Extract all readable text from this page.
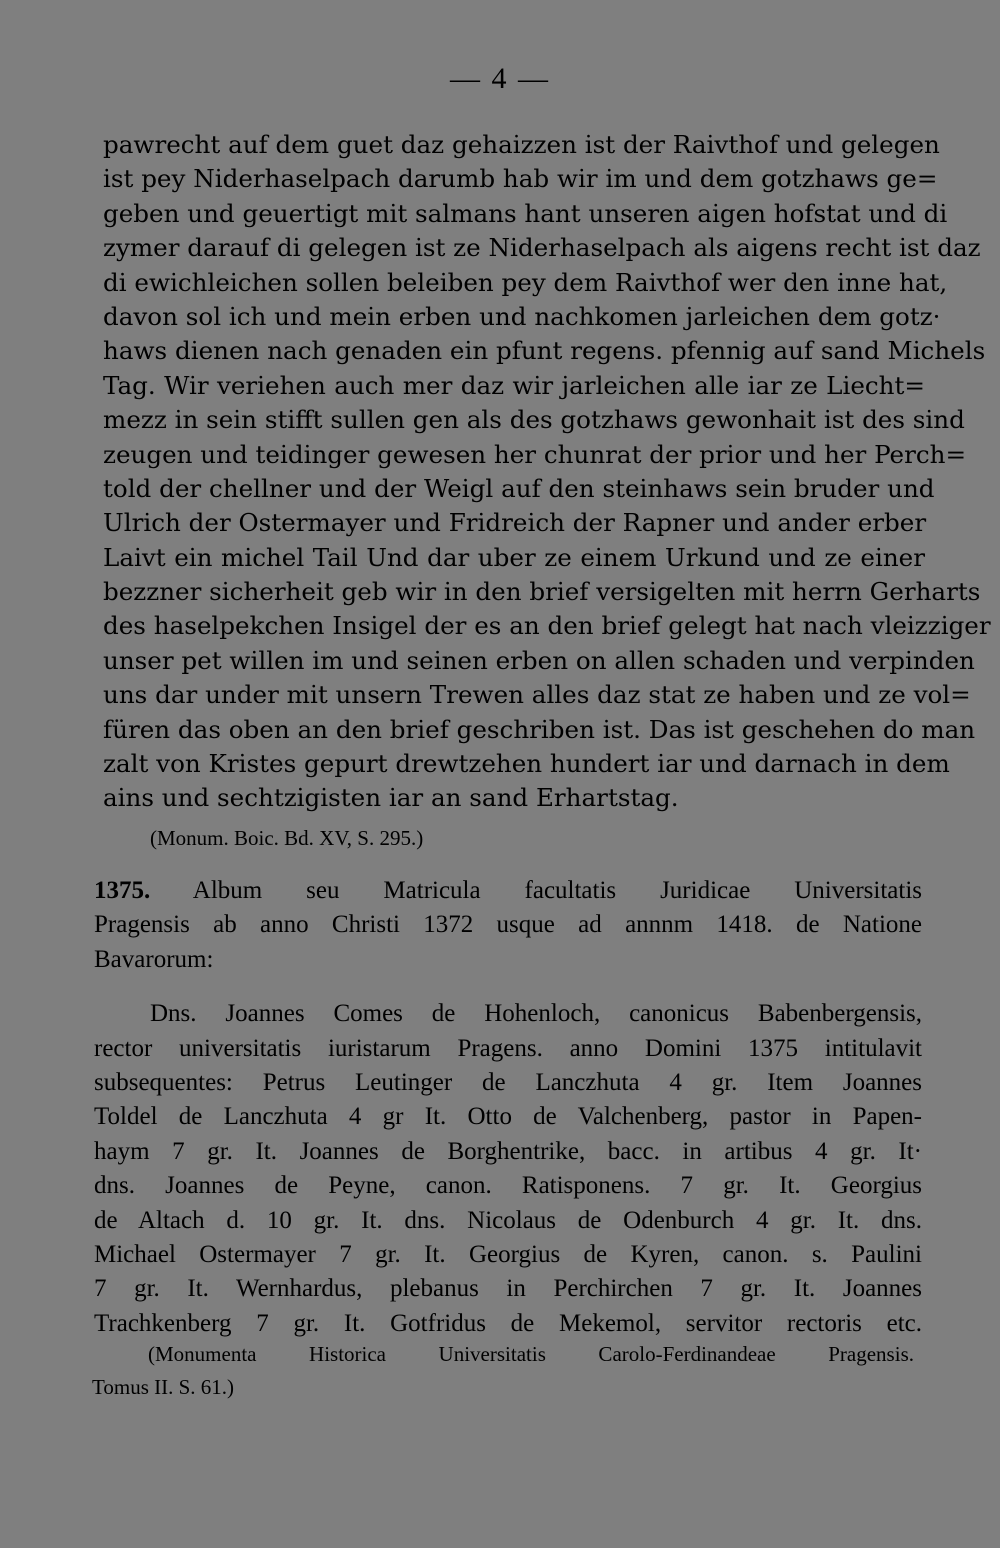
— 4 —
pawrecht auf dem guet daz gehaizzen ist der Raivthof und gelegen
ist pey Niderhaselpach darumb hab wir im und dem gotzhaws ge=
geben und geuertigt mit salmans hant unseren aigen hofstat und di
zymer darauf di gelegen ist ze Niderhaselpach als aigens recht ist daz
di ewichleichen sollen beleiben pey dem Raivthof wer den inne hat,
davon sol ich und mein erben und nachkomen jarleichen dem gotz·
haws dienen nach genaden ein pfunt regens. pfennig auf sand Michels
Tag. Wir veriehen auch mer daz wir jarleichen alle iar ze Liecht=
mezz in sein stifft sullen gen als des gotzhaws gewonhait ist des sind
zeugen und teidinger gewesen her chunrat der prior und her Perch=
told der chellner und der Weigl auf den steinhaws sein bruder und
Ulrich der Ostermayer und Fridreich der Rapner und ander erber
Laivt ein michel Tail Und dar uber ze einem Urkund und ze einer
bezzner sicherheit geb wir in den brief versigelten mit herrn Gerharts
des haselpekchen Insigel der es an den brief gelegt hat nach vleizziger
unser pet willen im und seinen erben on allen schaden und verpinden
uns dar under mit unsern Trewen alles daz stat ze haben und ze vol=
füren das oben an den brief geschriben ist. Das ist geschehen do man
zalt von Kristes gepurt drewtzehen hundert iar und darnach in dem
ains und sechtzigisten iar an sand Erhartstag.
(Monum. Boic. Bd. XV, S. 295.)
1375. Album seu Matricula facultatis Juridicae Universitatis
Pragensis ab anno Christi 1372 usque ad annnm 1418. de Natione
Bavarorum:
Dns. Joannes Comes de Hohenloch, canonicus Babenbergensis,
rector universitatis iuristarum Pragens. anno Domini 1375 intitulavit
subsequentes: Petrus Leutinger de Lanczhuta 4 gr. Item Joannes
Toldel de Lanczhuta 4 gr It. Otto de Valchenberg, pastor in Papen-
haym 7 gr. It. Joannes de Borghentrike, bacc. in artibus 4 gr. It·
dns. Joannes de Peyne, canon. Ratisponens. 7 gr. It. Georgius
de Altach d. 10 gr. It. dns. Nicolaus de Odenburch 4 gr. It. dns.
Michael Ostermayer 7 gr. It. Georgius de Kyren, canon. s. Paulini
7 gr. It. Wernhardus, plebanus in Perchirchen 7 gr. It. Joannes
Trachkenberg 7 gr. It. Gotfridus de Mekemol, servitor rectoris etc.
(Monumenta Historica Universitatis Carolo-Ferdinandeae Pragensis.
Tomus II. S. 61.)
